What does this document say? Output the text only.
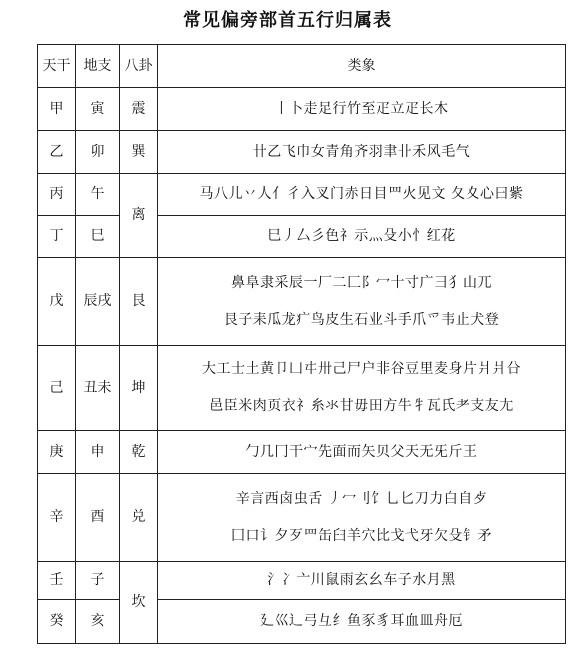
常见偏旁部首五行归属表
天干	地支	八卦	类象
甲	寅	震	丨卜走足行竹至疋立疋长木

乙	卯	巽	卄乙飞巾女青角齐羽聿卝禾风毛气

丙	午	离	马八儿丷人亻彳入叉门赤日目罒火见文 夂夊心曰紫

丁	巳		巳丿厶彡色礻示灬殳小忄红花

戊	辰戌	艮	鼻阜隶采辰一厂二匚阝冖十寸广彐犭山兀
艮子耒瓜龙疒鸟皮生石业斗手爪爫韦止犬登

己	丑未	坤	大工士土黄卩凵㐄卅己尸户非谷豆里麦身片爿爿㕣
邑臣米肉页衣礻糸氺甘毋田方牛牜瓦氏耂支友尢

庚	申	乾	勹几冂干宀先面而矢贝父天无旡斤王

辛	酉	兑	辛言西卤虫舌 丿冖刂饣乚匕刀力白自歺
囗口讠夕歹罒缶臼羊穴比戈弋牙欠殳钅矛

壬	子	坎	氵冫亠川鼠雨玄幺车子水月黑

癸	亥		廴巛辶弓彑纟鱼豕豸耳血皿舟厄
